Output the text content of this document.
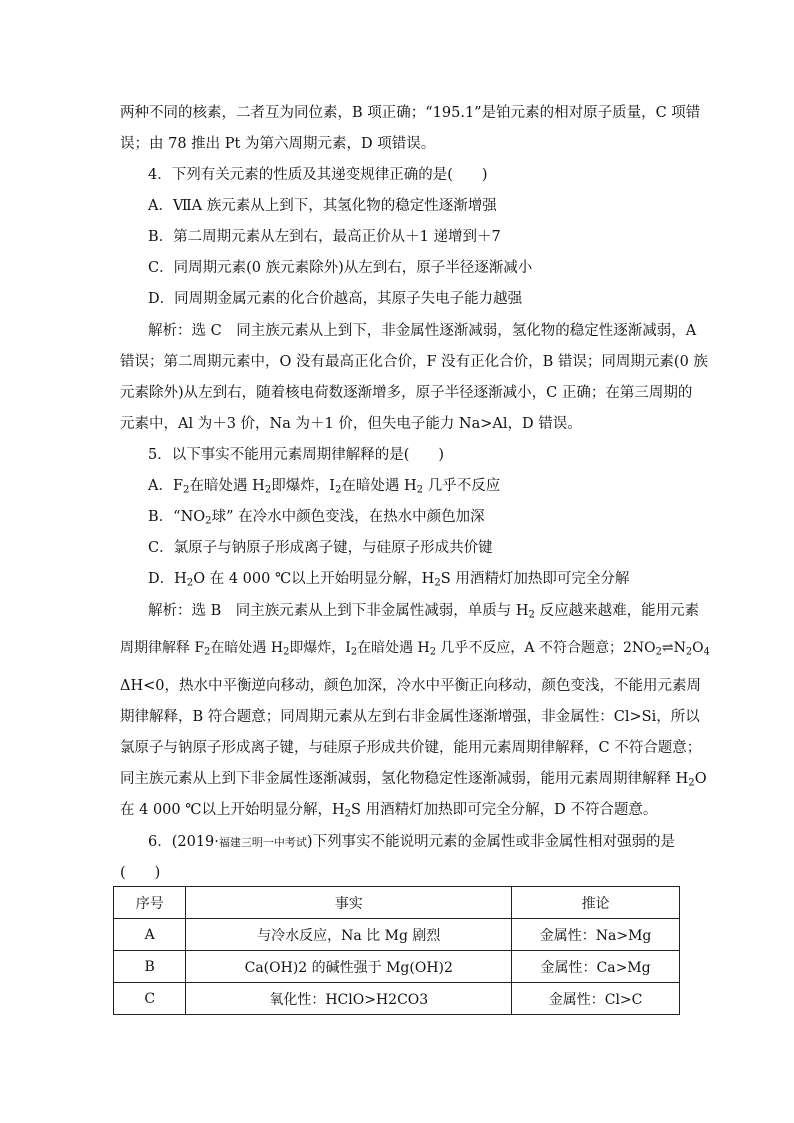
两种不同的核素，二者互为同位素，B 项正确；“195.1”是铂元素的相对原子质量，C 项错
误；由 78 推出 Pt 为第六周期元素，D 项错误。
4．下列有关元素的性质及其递变规律正确的是(　　)
A．ⅦA 族元素从上到下，其氢化物的稳定性逐渐增强
B．第二周期元素从左到右，最高正价从＋1 递增到＋7
C．同周期元素(0 族元素除外)从左到右，原子半径逐渐减小
D．同周期金属元素的化合价越高，其原子失电子能力越强
解析：选 C　同主族元素从上到下，非金属性逐渐减弱，氢化物的稳定性逐渐减弱，A
错误；第二周期元素中，O 没有最高正化合价，F 没有正化合价，B 错误；同周期元素(0 族
元素除外)从左到右，随着核电荷数逐渐增多，原子半径逐渐减小，C 正确；在第三周期的
元素中，Al 为＋3 价，Na 为＋1 价，但失电子能力 Na>Al，D 错误。
5．以下事实不能用元素周期律解释的是(　　)
A．$F_2$在暗处遇 $H_2$即爆炸，$I_2$在暗处遇 $H_2$ 几乎不反应
B．“$NO_2$球” 在冷水中颜色变浅，在热水中颜色加深
C．氯原子与钠原子形成离子键，与硅原子形成共价键
D．$H_2O$ 在 4 000 ℃以上开始明显分解，$H_2S$ 用酒精灯加热即可完全分解
解析：选 B　同主族元素从上到下非金属性减弱，单质与 $H_2$ 反应越来越难，能用元素
周期律解释 $F_2$在暗处遇 $H_2$即爆炸，$I_2$在暗处遇 $H_2$ 几乎不反应，A 不符合题意；$2NO_2\rightleftharpoons N_2O_4$
ΔH<0，热水中平衡逆向移动，颜色加深，冷水中平衡正向移动，颜色变浅，不能用元素周
期律解释，B 符合题意；同周期元素从左到右非金属性逐渐增强，非金属性：Cl>Si，所以
氯原子与钠原子形成离子键，与硅原子形成共价键，能用元素周期律解释，C 不符合题意；
同主族元素从上到下非金属性逐渐减弱，氢化物稳定性逐渐减弱，能用元素周期律解释 $H_2O$
在 4 000 ℃以上开始明显分解，$H_2S$ 用酒精灯加热即可完全分解，D 不符合题意。
6．(2019·福建三明一中考试)下列事实不能说明元素的金属性或非金属性相对强弱的是
(　　)
序号	事实	推论
A	与冷水反应，Na 比 Mg 剧烈	金属性：Na>Mg
B	Ca(OH)2 的碱性强于 Mg(OH)2	金属性：Ca>Mg
C	氧化性：HClO>H2CO3	金属性：Cl>C
